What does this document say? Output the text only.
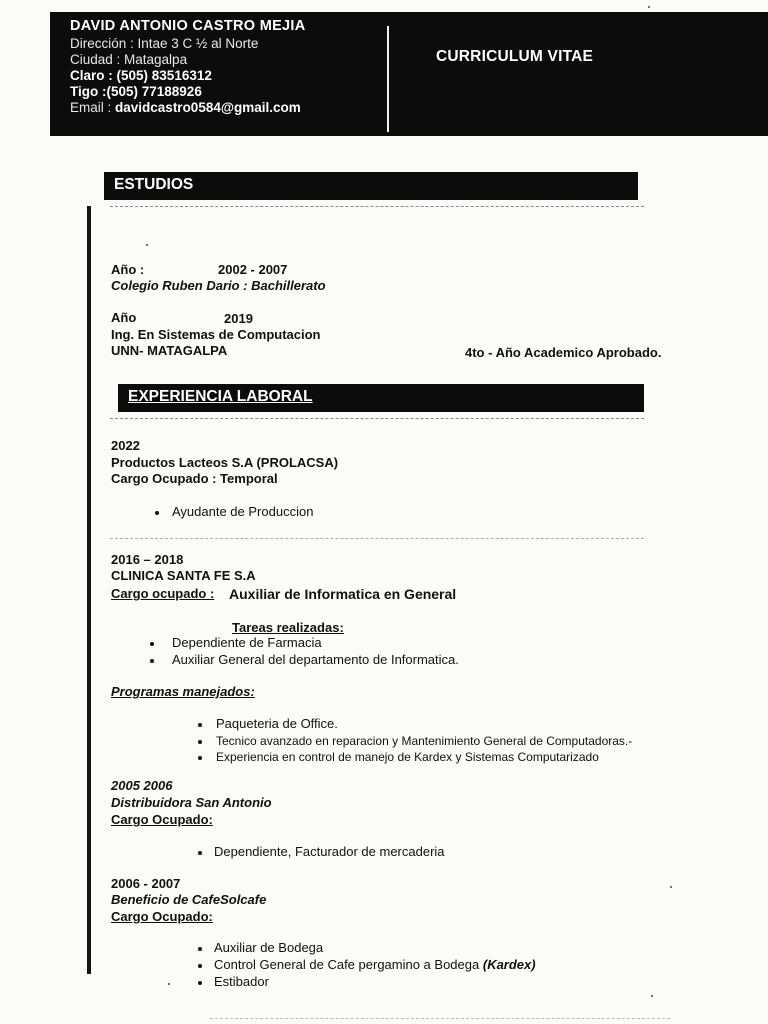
DAVID ANTONIO CASTRO MEJIA
Dirección : Intae 3 C ½ al Norte
Ciudad : Matagalpa
Claro : (505) 83516312
Tigo :(505) 77188926
Email : davidcastro0584@gmail.com
CURRICULUM VITAE
ESTUDIOS
Año :	2002 - 2007
Colegio Ruben Dario : Bachillerato
Año	2019
Ing. En Sistemas de Computacion
UNN- MATAGALPA	4to - Año Academico Aprobado.
EXPERIENCIA LABORAL
2022
Productos Lacteos S.A (PROLACSA)
Cargo Ocupado : Temporal
Ayudante de Produccion
2016 – 2018
CLINICA SANTA FE S.A
Cargo ocupado : Auxiliar de Informatica en General
Tareas realizadas:
Dependiente de Farmacia
Auxiliar General del departamento de Informatica.
Programas manejados:
Paqueteria de Office.
Tecnico avanzado en reparacion y Mantenimiento General de Computadoras.-
Experiencia en control de manejo de Kardex y Sistemas Computarizado
2005 2006
Distribuidora San Antonio
Cargo Ocupado:
Dependiente, Facturador de mercaderia
2006 - 2007
Beneficio de CafeSolcafe
Cargo Ocupado:
Auxiliar de Bodega
Control General de Cafe pergamino a Bodega (Kardex)
Estibador
